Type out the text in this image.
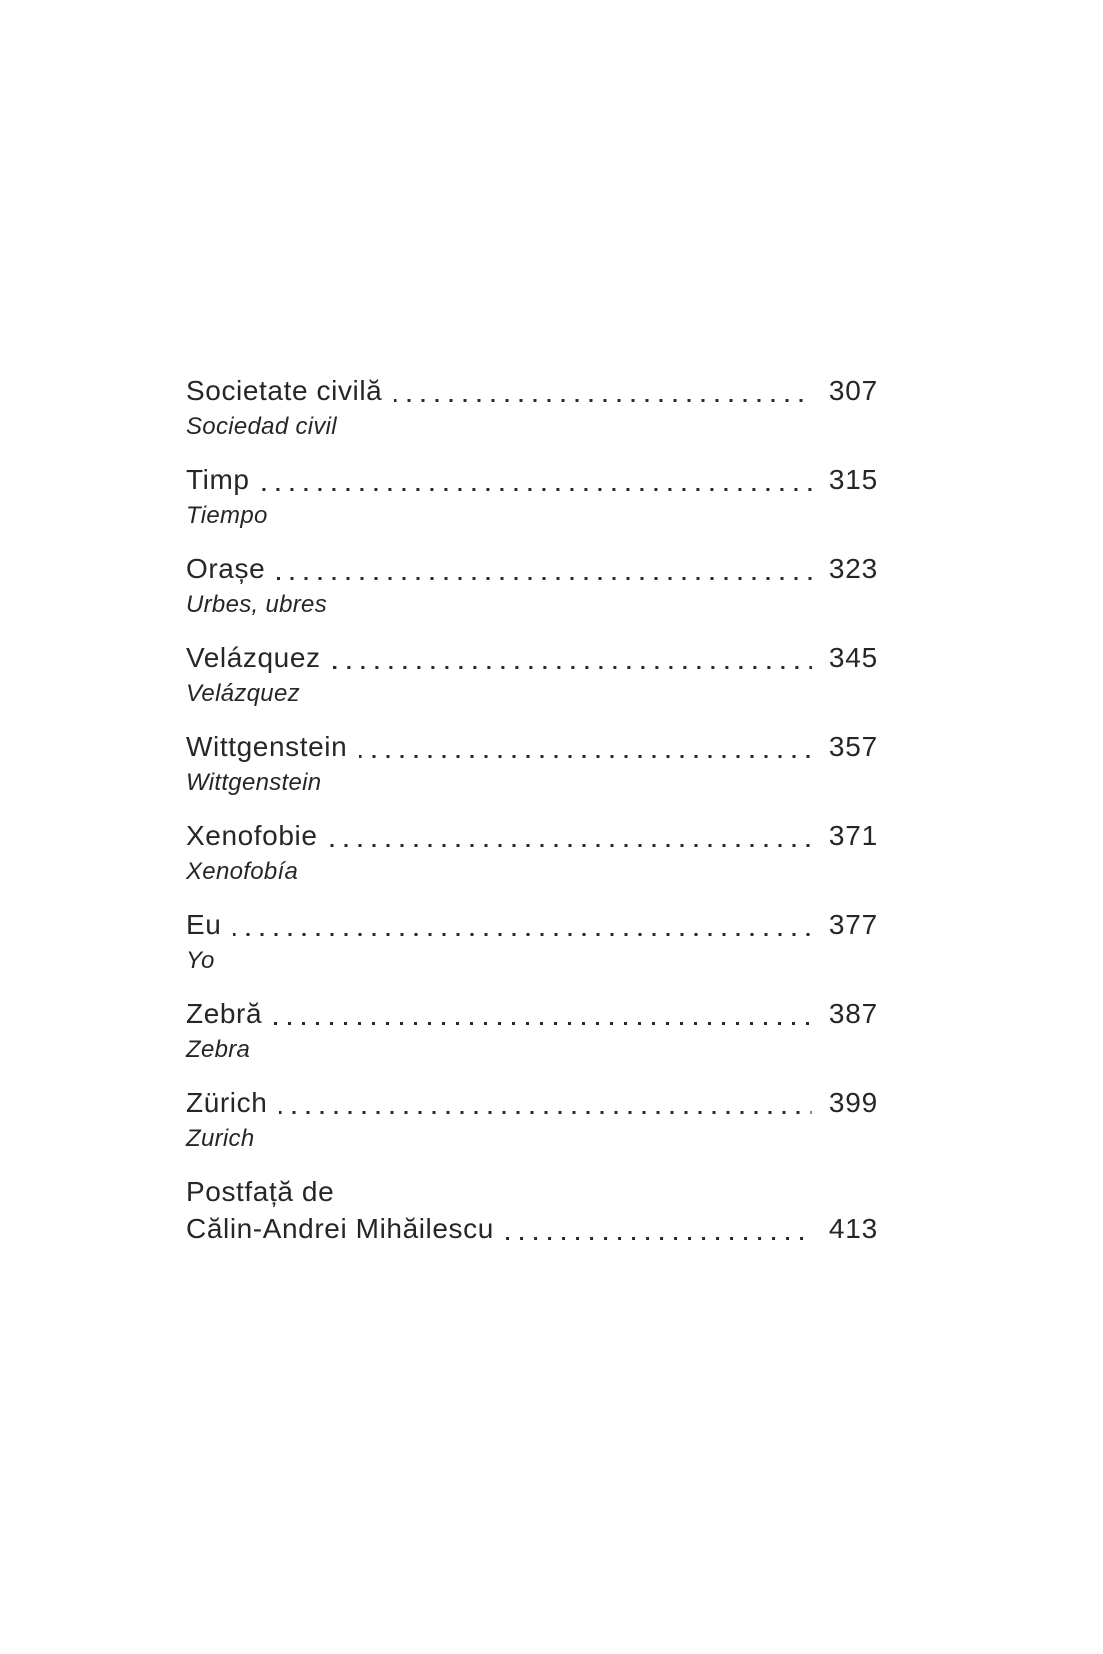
Societate civilă	307
Sociedad civil
Timp	315
Tiempo
Orașe	323
Urbes, ubres
Velázquez	345
Velázquez
Wittgenstein	357
Wittgenstein
Xenofobie	371
Xenofobía
Eu	377
Yo
Zebră	387
Zebra
Zürich	399
Zurich
Postfață de
Călin-Andrei Mihăilescu	413
